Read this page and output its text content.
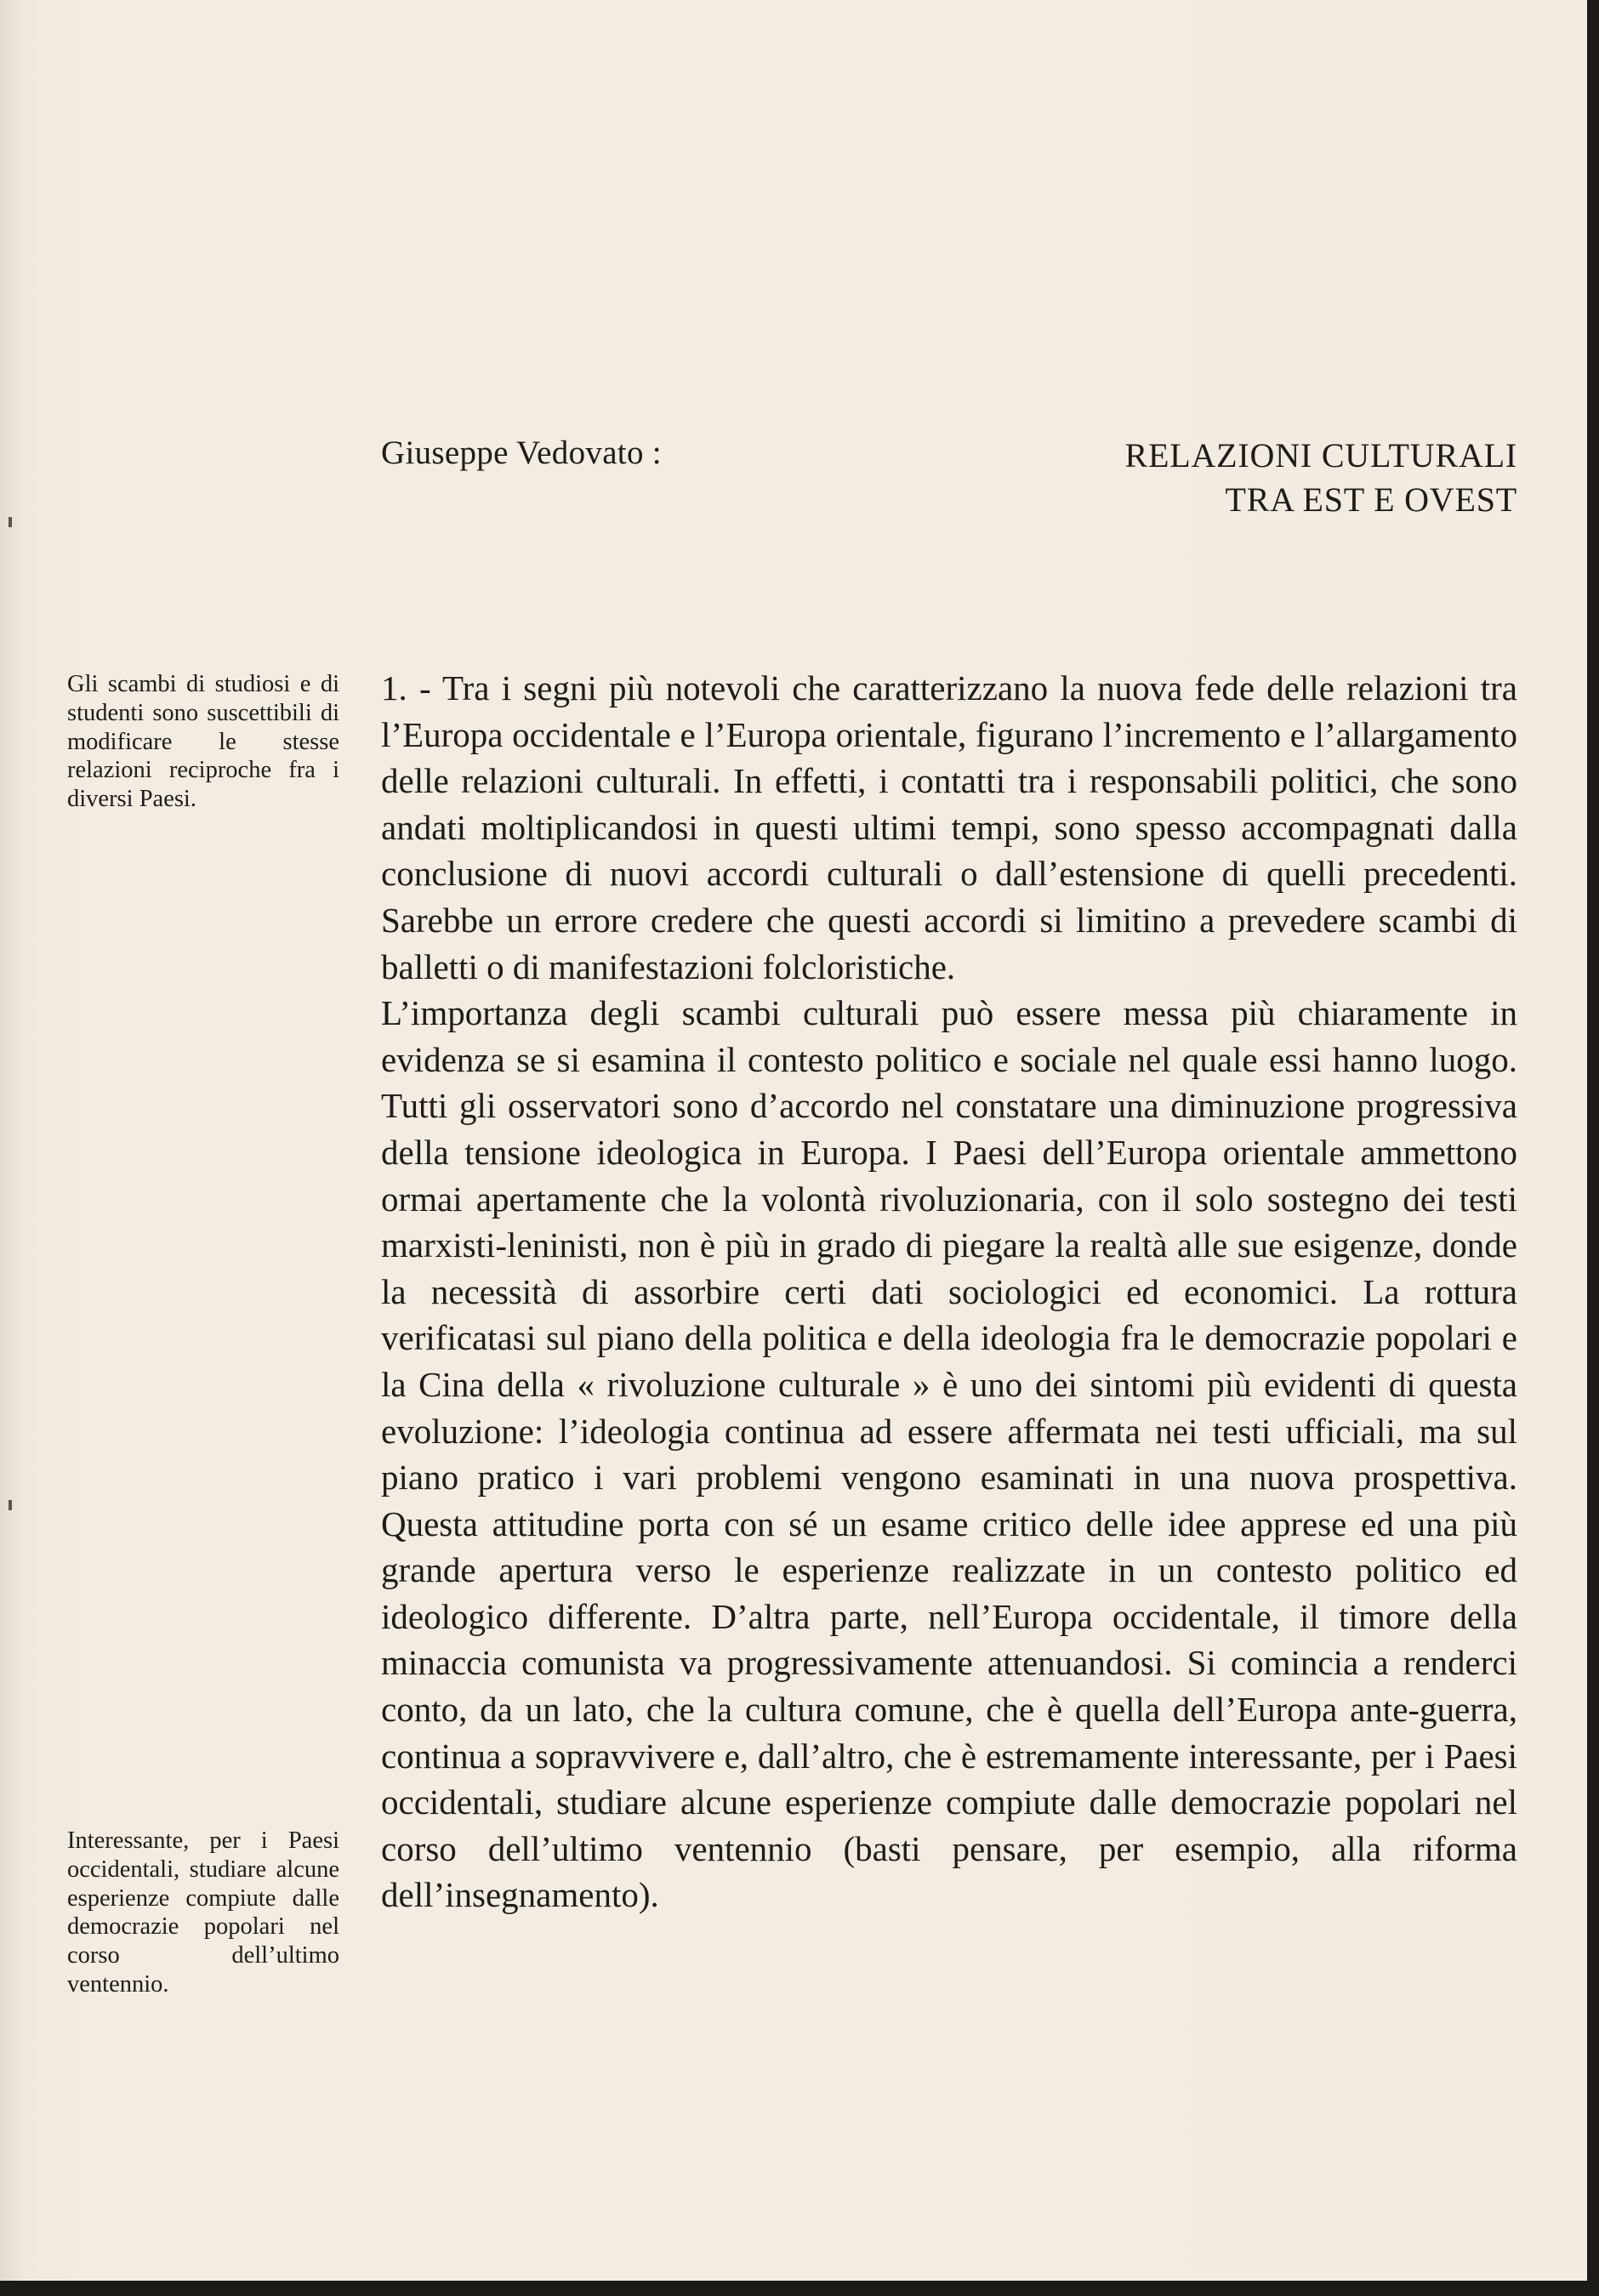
Giuseppe Vedovato :	RELAZIONI CULTURALI
TRA EST E OVEST
Gli scambi di studiosi e di studenti sono suscettibili di modificare le stesse relazioni reciproche fra i diversi Paesi.
Interessante, per i Paesi occidentali, studiare alcune esperienze compiute dalle democrazie popolari nel corso dell’ultimo ventennio.

1. - Tra i segni più notevoli che caratterizzano la nuova fede delle relazioni tra l’Europa occidentale e l’Europa orientale, figurano l’incremento e l’allargamento delle relazioni culturali. In effetti, i contatti tra i responsabili politici, che sono andati moltiplicandosi in questi ultimi tempi, sono spesso accompagnati dalla conclusione di nuovi accordi culturali o dall’estensione di quelli precedenti. Sarebbe un errore credere che questi accordi si limitino a prevedere scambi di balletti o di manifestazioni folcloristiche.

L’importanza degli scambi culturali può essere messa più chiaramente in evidenza se si esamina il contesto politico e sociale nel quale essi hanno luogo. Tutti gli osservatori sono d’accordo nel constatare una diminuzione progressiva della tensione ideologica in Europa. I Paesi dell’Europa orientale ammettono ormai apertamente che la volontà rivoluzionaria, con il solo sostegno dei testi marxisti-leninisti, non è più in grado di piegare la realtà alle sue esigenze, donde la necessità di assorbire certi dati sociologici ed economici. La rottura verificatasi sul piano della politica e della ideologia fra le democrazie popolari e la Cina della « rivoluzione culturale » è uno dei sintomi più evidenti di questa evoluzione: l’ideologia continua ad essere affermata nei testi ufficiali, ma sul piano pratico i vari problemi vengono esaminati in una nuova prospettiva. Questa attitudine porta con sé un esame critico delle idee apprese ed una più grande apertura verso le esperienze realizzate in un contesto politico ed ideologico differente. D’altra parte, nell’Europa occidentale, il timore della minaccia comunista va progressivamente attenuandosi. Si comincia a renderci conto, da un lato, che la cultura comune, che è quella dell’Europa ante-guerra, continua a sopravvivere e, dall’altro, che è estremamente interessante, per i Paesi occidentali, studiare alcune esperienze compiute dalle democrazie popolari nel corso dell’ultimo ventennio (basti pensare, per esempio, alla riforma dell’insegnamento).
